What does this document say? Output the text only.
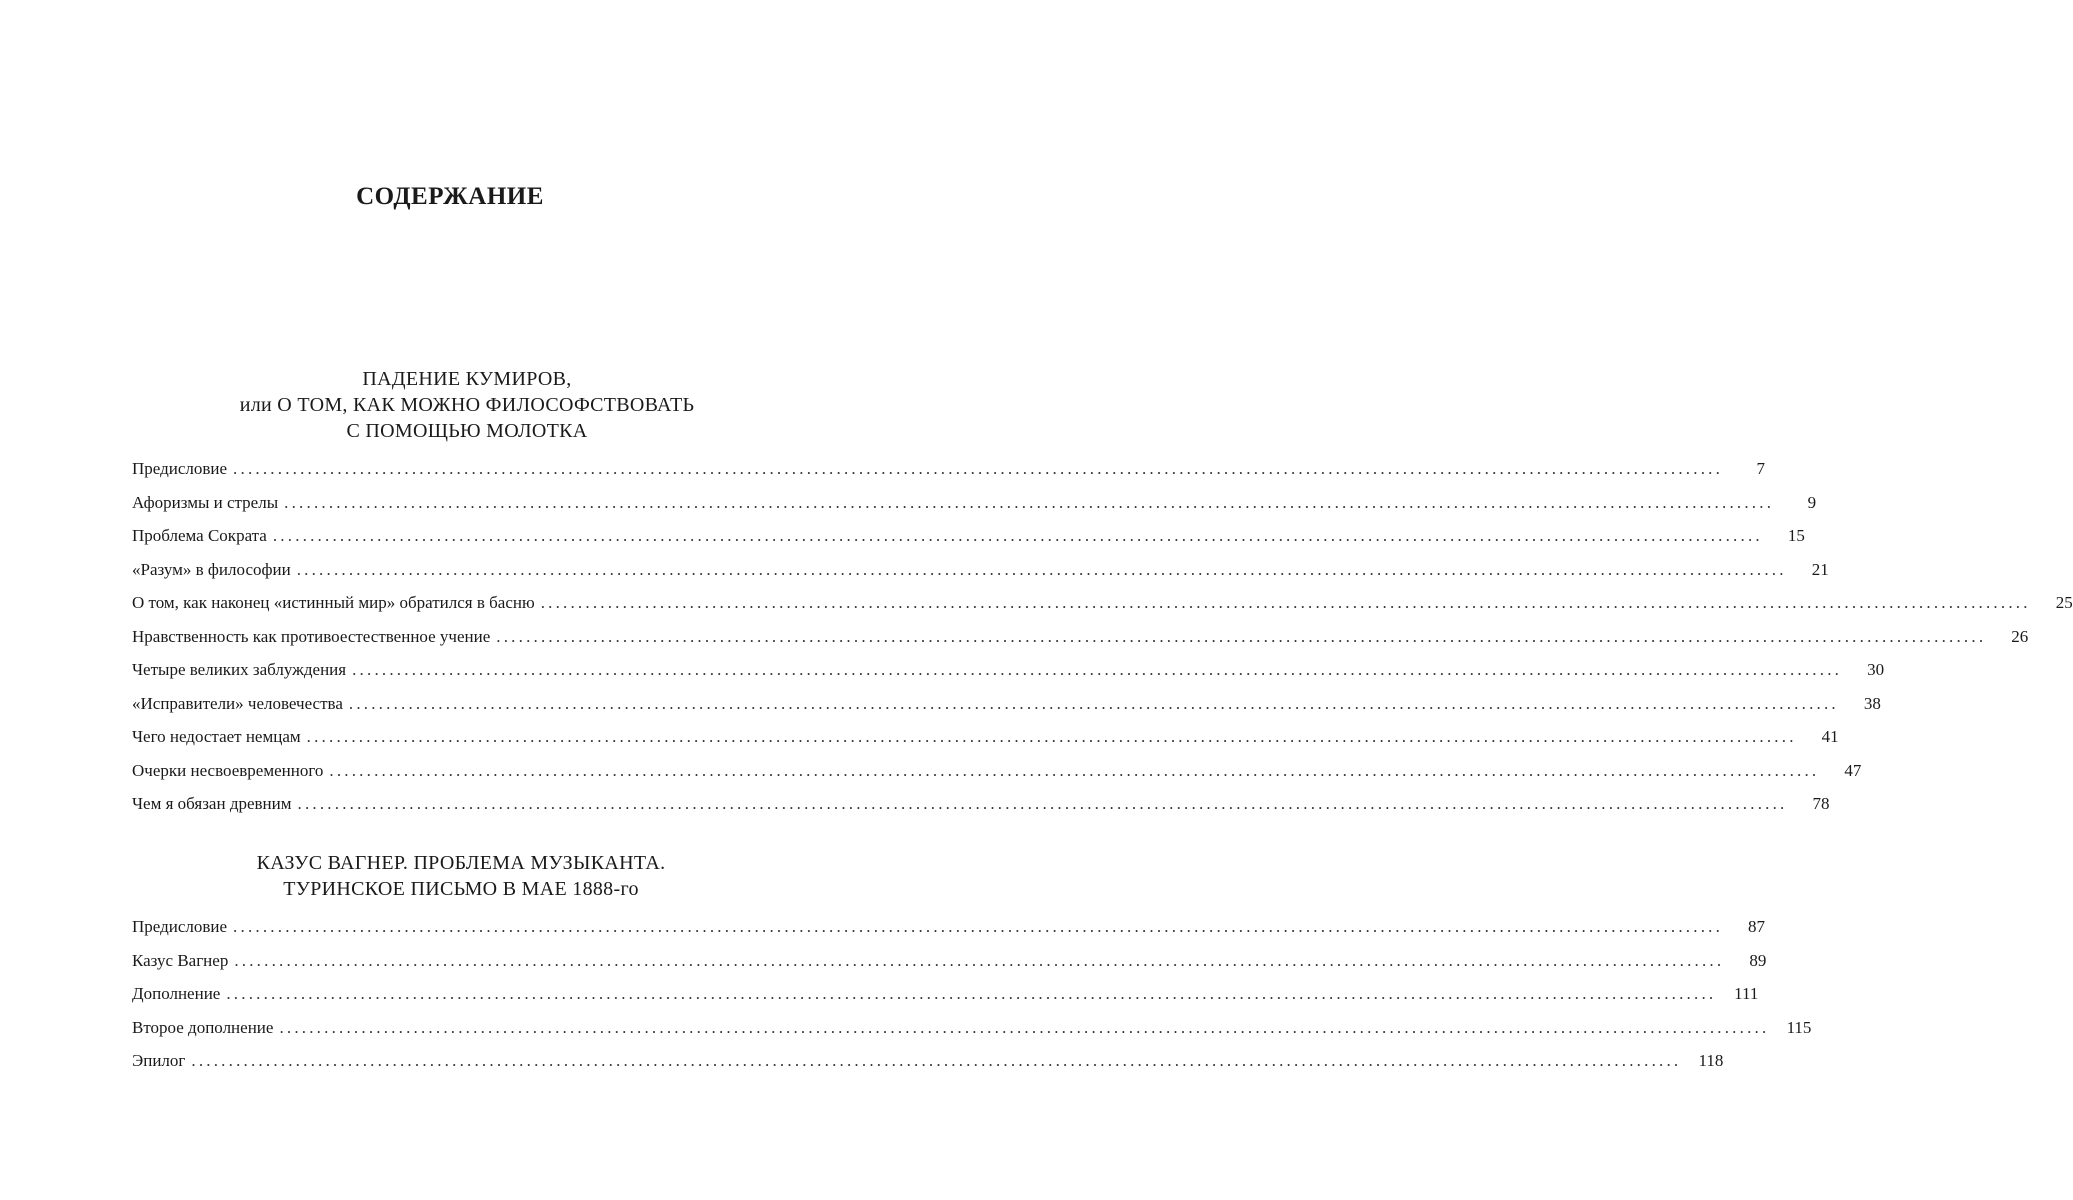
СОДЕРЖАНИЕ
ПАДЕНИЕ КУМИРОВ,
или О ТОМ, КАК МОЖНО ФИЛОСОФСТВОВАТЬ
С ПОМОЩЬЮ МОЛОТКА
Предисловие ........................................................................................................................................................................................................	7
Афоризмы и стрелы ........................................................................................................................................................................................................	9
Проблема Сократа ........................................................................................................................................................................................................	15
«Разум» в философии ........................................................................................................................................................................................................	21
О том, как наконец «истинный мир» обратился в басню ........................................................................................................................................................................................................	25
Нравственность как противоестественное учение ........................................................................................................................................................................................................	26
Четыре великих заблуждения ........................................................................................................................................................................................................	30
«Исправители» человечества ........................................................................................................................................................................................................	38
Чего недостает немцам ........................................................................................................................................................................................................	41
Очерки несвоевременного ........................................................................................................................................................................................................	47
Чем я обязан древним ........................................................................................................................................................................................................	78
КАЗУС ВАГНЕР. ПРОБЛЕМА МУЗЫКАНТА.
ТУРИНСКОЕ ПИСЬМО В МАЕ 1888-го
Предисловие ........................................................................................................................................................................................................	87
Казус Вагнер ........................................................................................................................................................................................................	89
Дополнение ........................................................................................................................................................................................................	111
Второе дополнение ........................................................................................................................................................................................................	115
Эпилог ........................................................................................................................................................................................................	118
